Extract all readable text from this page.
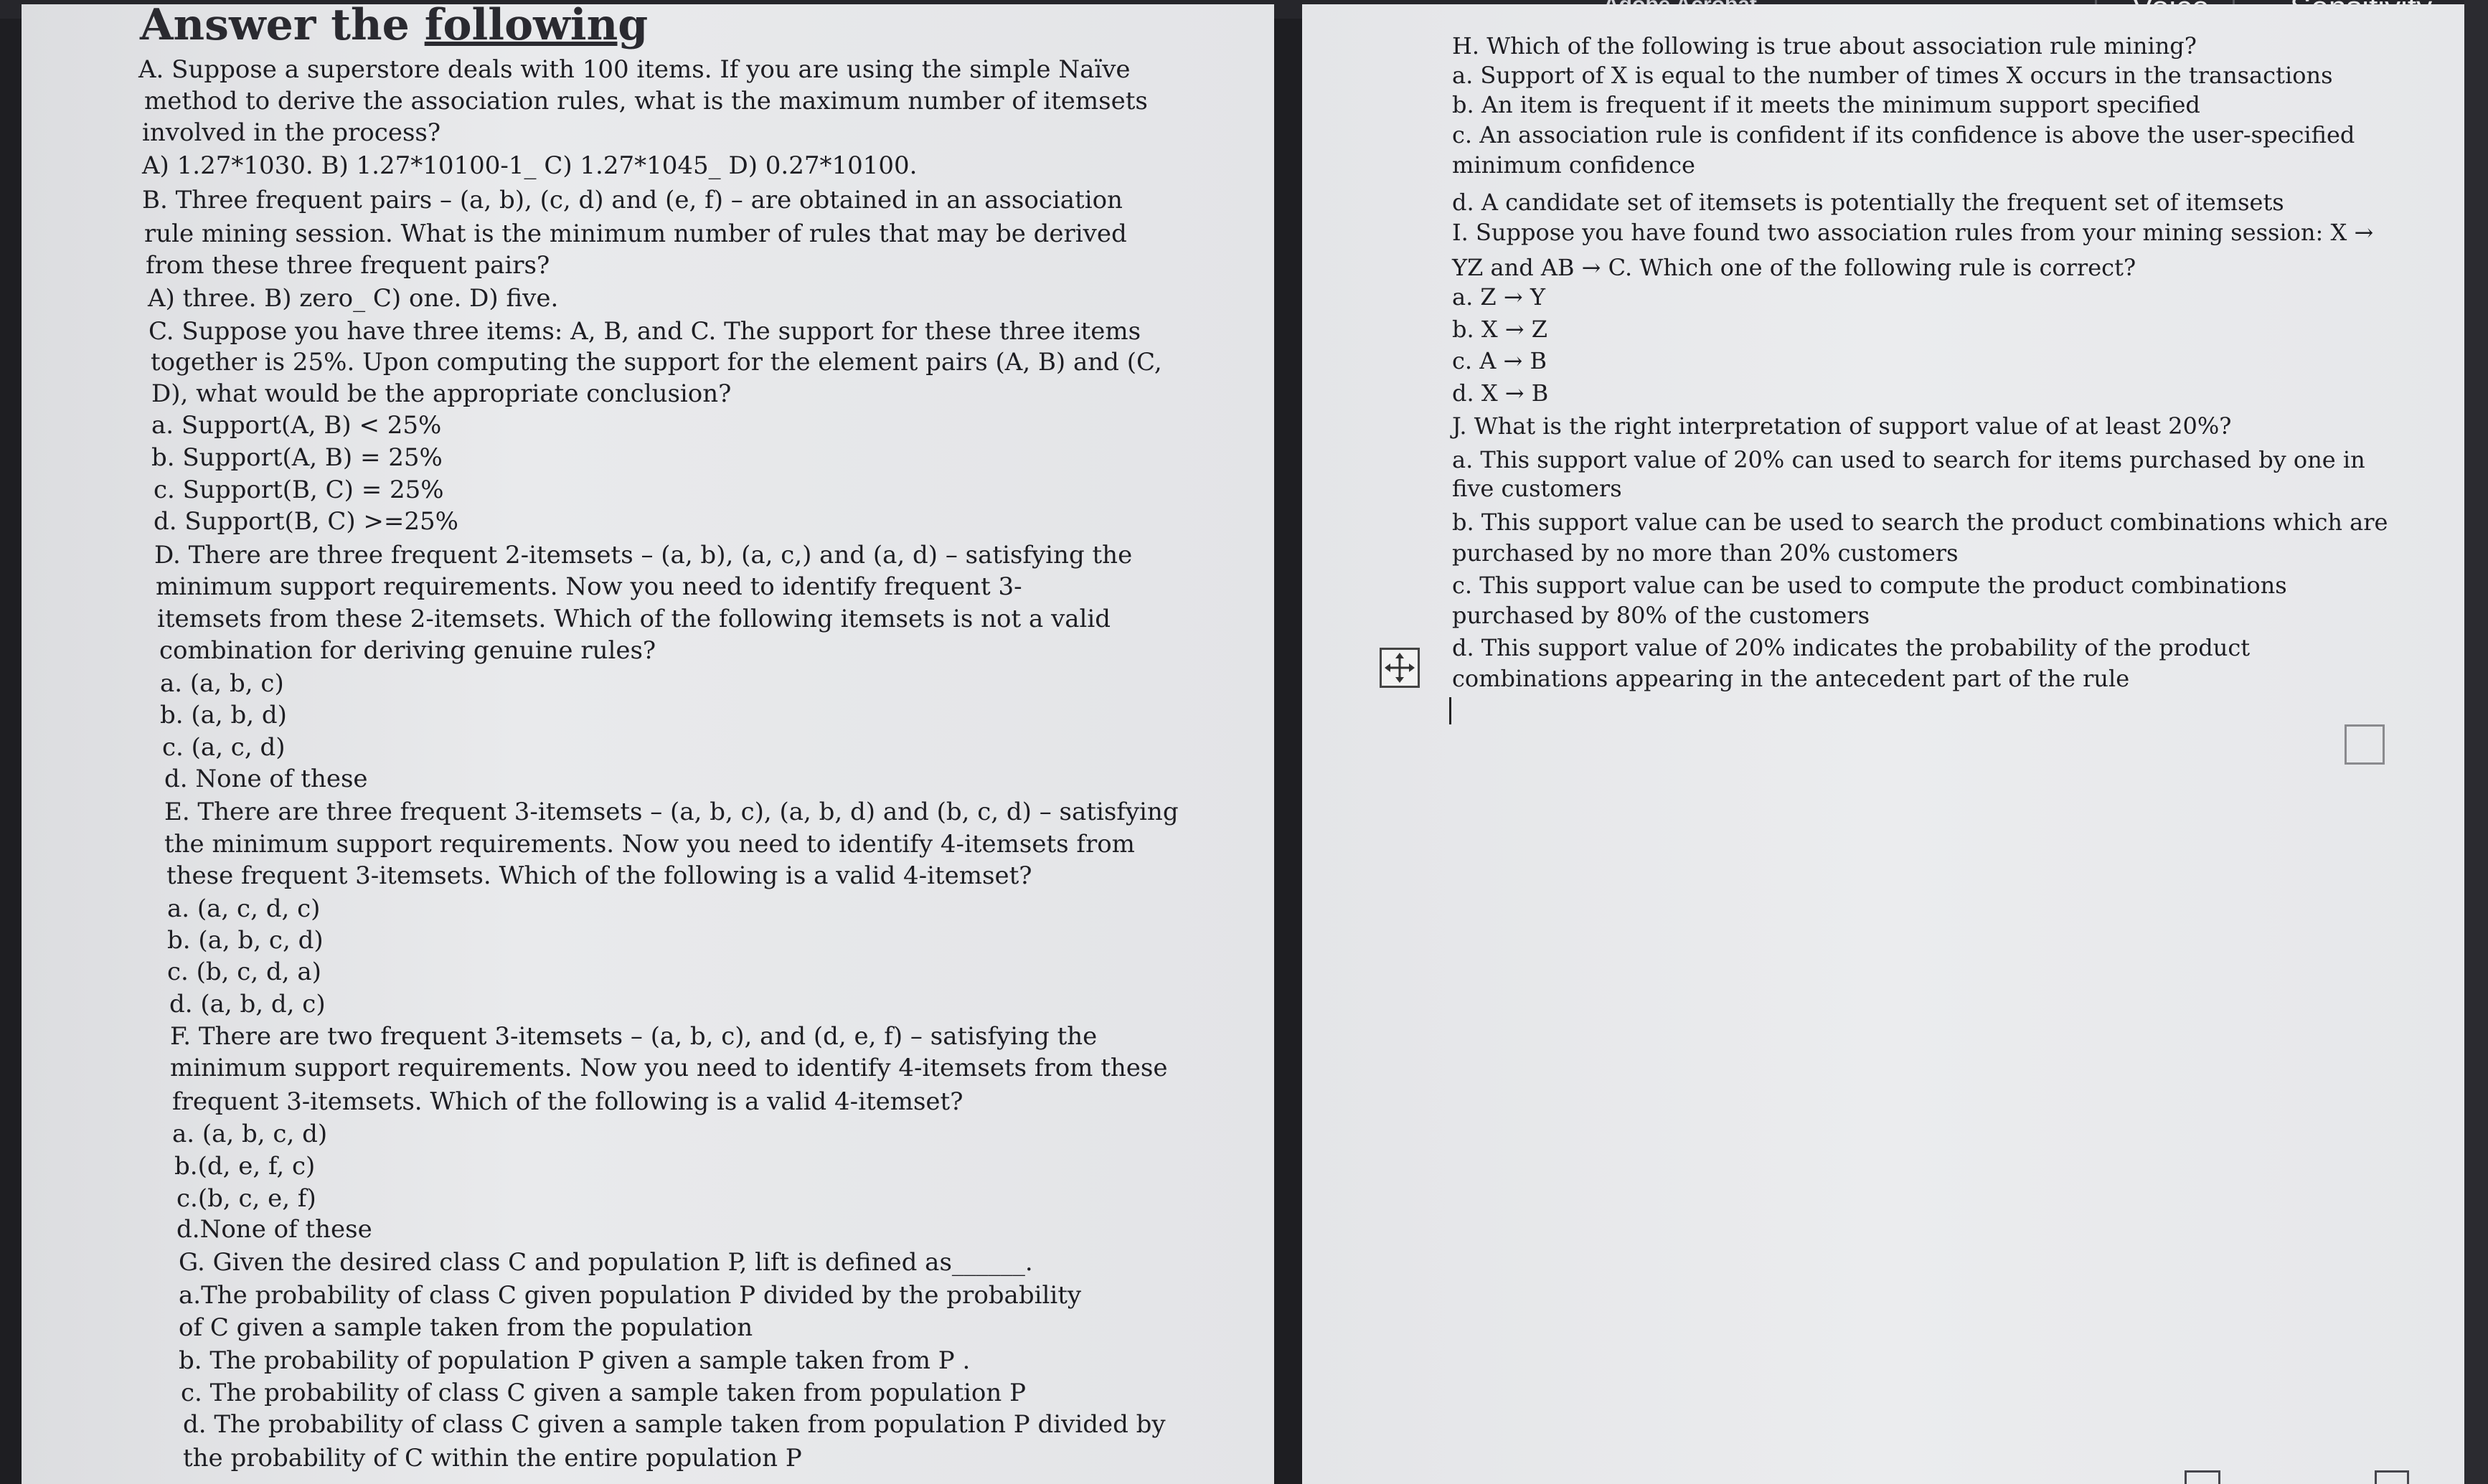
Answer the following
A. Suppose a superstore deals with 100 items. If you are using the simple Naïve
method to derive the association rules, what is the maximum number of itemsets
involved in the process?
A) 1.27*1030. B) 1.27*10100-1_ C) 1.27*1045_ D) 0.27*10100.
B. Three frequent pairs – (a, b), (c, d) and (e, f) – are obtained in an association
rule mining session. What is the minimum number of rules that may be derived
from these three frequent pairs?
A) three. B) zero_ C) one. D) five.
C. Suppose you have three items: A, B, and C. The support for these three items
together is 25%. Upon computing the support for the element pairs (A, B) and (C,
D), what would be the appropriate conclusion?
a. Support(A, B) < 25%
b. Support(A, B) = 25%
c. Support(B, C) = 25%
d. Support(B, C) >=25%
D. There are three frequent 2-itemsets – (a, b), (a, c,) and (a, d) – satisfying the
minimum support requirements. Now you need to identify frequent 3-
itemsets from these 2-itemsets. Which of the following itemsets is not a valid
combination for deriving genuine rules?
a. (a, b, c)
b. (a, b, d)
c. (a, c, d)
d. None of these
E. There are three frequent 3-itemsets – (a, b, c), (a, b, d) and (b, c, d) – satisfying
the minimum support requirements. Now you need to identify 4-itemsets from
these frequent 3-itemsets. Which of the following is a valid 4-itemset?
a. (a, c, d, c)
b. (a, b, c, d)
c. (b, c, d, a)
d. (a, b, d, c)
F. There are two frequent 3-itemsets – (a, b, c), and (d, e, f) – satisfying the
minimum support requirements. Now you need to identify 4-itemsets from these
frequent 3-itemsets. Which of the following is a valid 4-itemset?
a. (a, b, c, d)
b.(d, e, f, c)
c.(b, c, e, f)
d.None of these
G. Given the desired class C and population P, lift is defined as______.
a.The probability of class C given population P divided by the probability
of C given a sample taken from the population
b. The probability of population P given a sample taken from P .
c. The probability of class C given a sample taken from population P
d. The probability of class C given a sample taken from population P divided by
the probability of C within the entire population P
H. Which of the following is true about association rule mining?
a. Support of X is equal to the number of times X occurs in the transactions
b. An item is frequent if it meets the minimum support specified
c. An association rule is confident if its confidence is above the user-specified
minimum confidence
d. A candidate set of itemsets is potentially the frequent set of itemsets
I. Suppose you have found two association rules from your mining session: X →
YZ and AB → C. Which one of the following rule is correct?
a. Z → Y
b. X → Z
c. A → B
d. X → B
J. What is the right interpretation of support value of at least 20%?
a. This support value of 20% can used to search for items purchased by one in
five customers
b. This support value can be used to search the product combinations which are
purchased by no more than 20% customers
c. This support value can be used to compute the product combinations
purchased by 80% of the customers
d. This support value of 20% indicates the probability of the product
combinations appearing in the antecedent part of the rule
